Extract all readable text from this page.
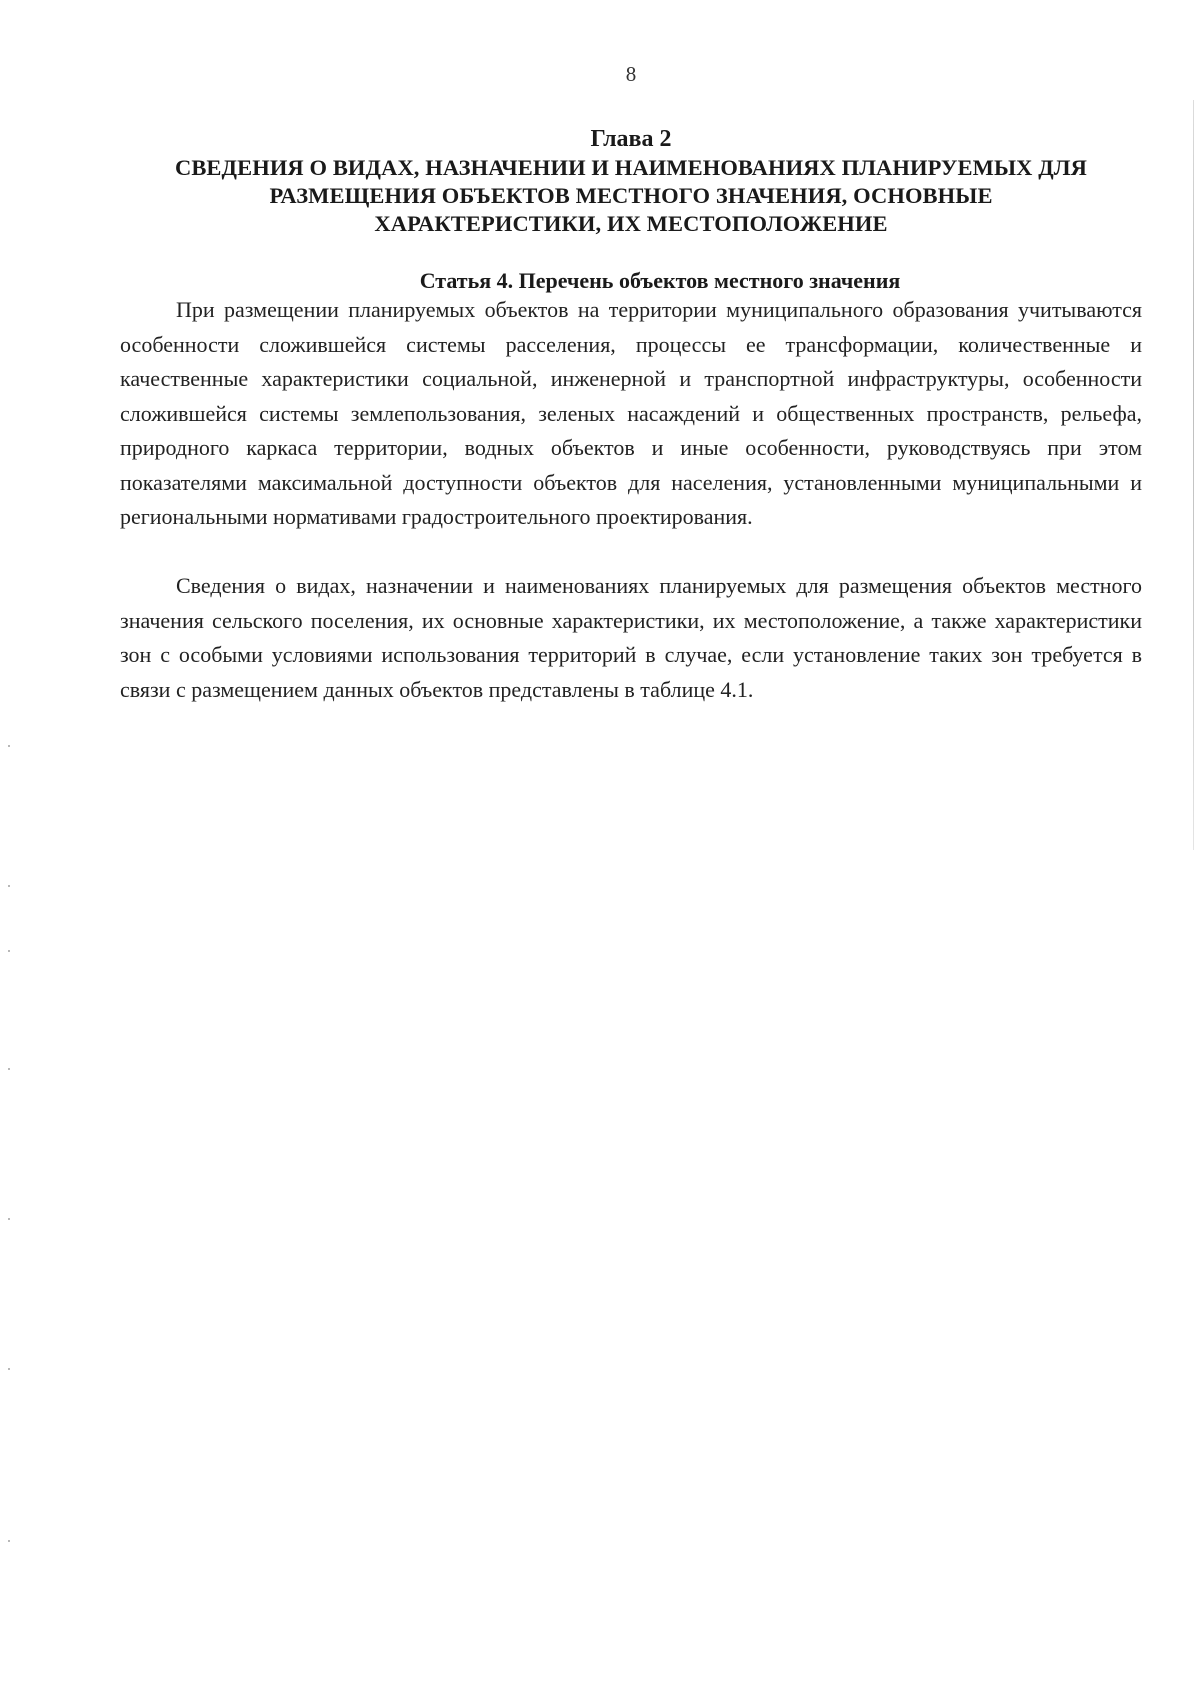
8

Глава 2

СВЕДЕНИЯ О ВИДАХ, НАЗНАЧЕНИИ И НАИМЕНОВАНИЯХ ПЛАНИРУЕМЫХ ДЛЯ

РАЗМЕЩЕНИЯ ОБЪЕКТОВ МЕСТНОГО ЗНАЧЕНИЯ, ОСНОВНЫЕ

ХАРАКТЕРИСТИКИ, ИХ МЕСТОПОЛОЖЕНИЕ

Статья 4. Перечень объектов местного значения

При размещении планируемых объектов на территории муниципального образования учитываются особенности сложившейся системы расселения, процессы ее трансформации, количественные и качественные характеристики социальной, инженерной и транспортной инфраструктуры, особенности сложившейся системы землепользования, зеленых насаждений и общественных пространств, рельефа, природного каркаса территории, водных объектов и иные особенности, руководствуясь при этом показателями максимальной доступности объектов для населения, установленными муниципальными и региональными нормативами градостроительного проектирования.

Сведения о видах, назначении и наименованиях планируемых для размещения объектов местного значения сельского поселения, их основные характеристики, их местоположение, а также характеристики зон с особыми условиями использования территорий в случае, если установление таких зон требуется в связи с размещением данных объектов представлены в таблице 4.1.
